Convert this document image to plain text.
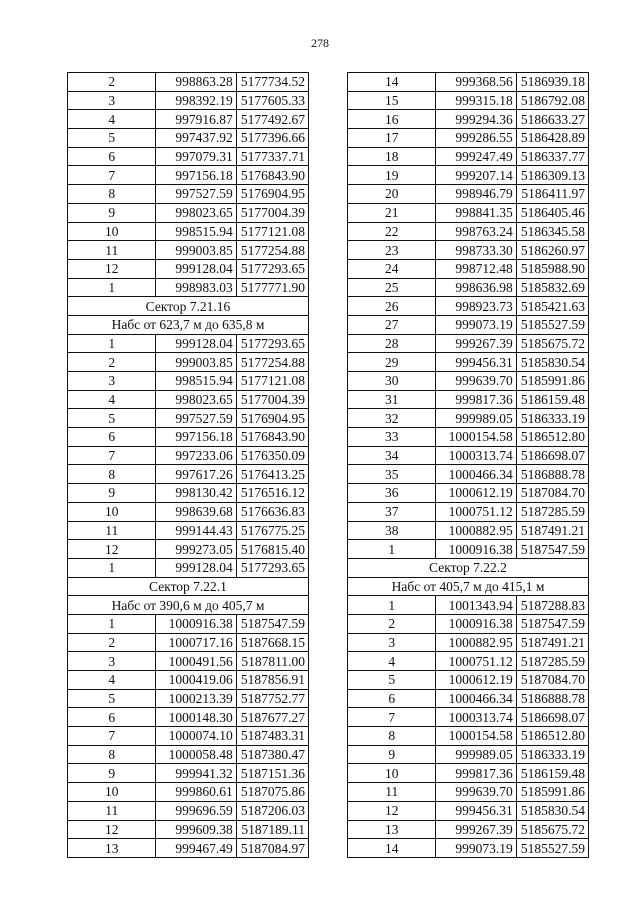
278
2	998863.28	5177734.52
3	998392.19	5177605.33
4	997916.87	5177492.67
5	997437.92	5177396.66
6	997079.31	5177337.71
7	997156.18	5176843.90
8	997527.59	5176904.95
9	998023.65	5177004.39
10	998515.94	5177121.08
11	999003.85	5177254.88
12	999128.04	5177293.65
1	998983.03	5177771.90
Сектор 7.21.16		
Набс от 623,7 м до 635,8 м		
1	999128.04	5177293.65
2	999003.85	5177254.88
3	998515.94	5177121.08
4	998023.65	5177004.39
5	997527.59	5176904.95
6	997156.18	5176843.90
7	997233.06	5176350.09
8	997617.26	5176413.25
9	998130.42	5176516.12
10	998639.68	5176636.83
11	999144.43	5176775.25
12	999273.05	5176815.40
1	999128.04	5177293.65
Сектор 7.22.1		
Набс от 390,6 м до 405,7 м		
1	1000916.38	5187547.59
2	1000717.16	5187668.15
3	1000491.56	5187811.00
4	1000419.06	5187856.91
5	1000213.39	5187752.77
6	1000148.30	5187677.27
7	1000074.10	5187483.31
8	1000058.48	5187380.47
9	999941.32	5187151.36
10	999860.61	5187075.86
11	999696.59	5187206.03
12	999609.38	5187189.11
13	999467.49	5187084.97
14	999368.56	5186939.18
15	999315.18	5186792.08
16	999294.36	5186633.27
17	999286.55	5186428.89
18	999247.49	5186337.77
19	999207.14	5186309.13
20	998946.79	5186411.97
21	998841.35	5186405.46
22	998763.24	5186345.58
23	998733.30	5186260.97
24	998712.48	5185988.90
25	998636.98	5185832.69
26	998923.73	5185421.63
27	999073.19	5185527.59
28	999267.39	5185675.72
29	999456.31	5185830.54
30	999639.70	5185991.86
31	999817.36	5186159.48
32	999989.05	5186333.19
33	1000154.58	5186512.80
34	1000313.74	5186698.07
35	1000466.34	5186888.78
36	1000612.19	5187084.70
37	1000751.12	5187285.59
38	1000882.95	5187491.21
1	1000916.38	5187547.59
Сектор 7.22.2		
Набс от 405,7 м до 415,1 м		
1	1001343.94	5187288.83
2	1000916.38	5187547.59
3	1000882.95	5187491.21
4	1000751.12	5187285.59
5	1000612.19	5187084.70
6	1000466.34	5186888.78
7	1000313.74	5186698.07
8	1000154.58	5186512.80
9	999989.05	5186333.19
10	999817.36	5186159.48
11	999639.70	5185991.86
12	999456.31	5185830.54
13	999267.39	5185675.72
14	999073.19	5185527.59
